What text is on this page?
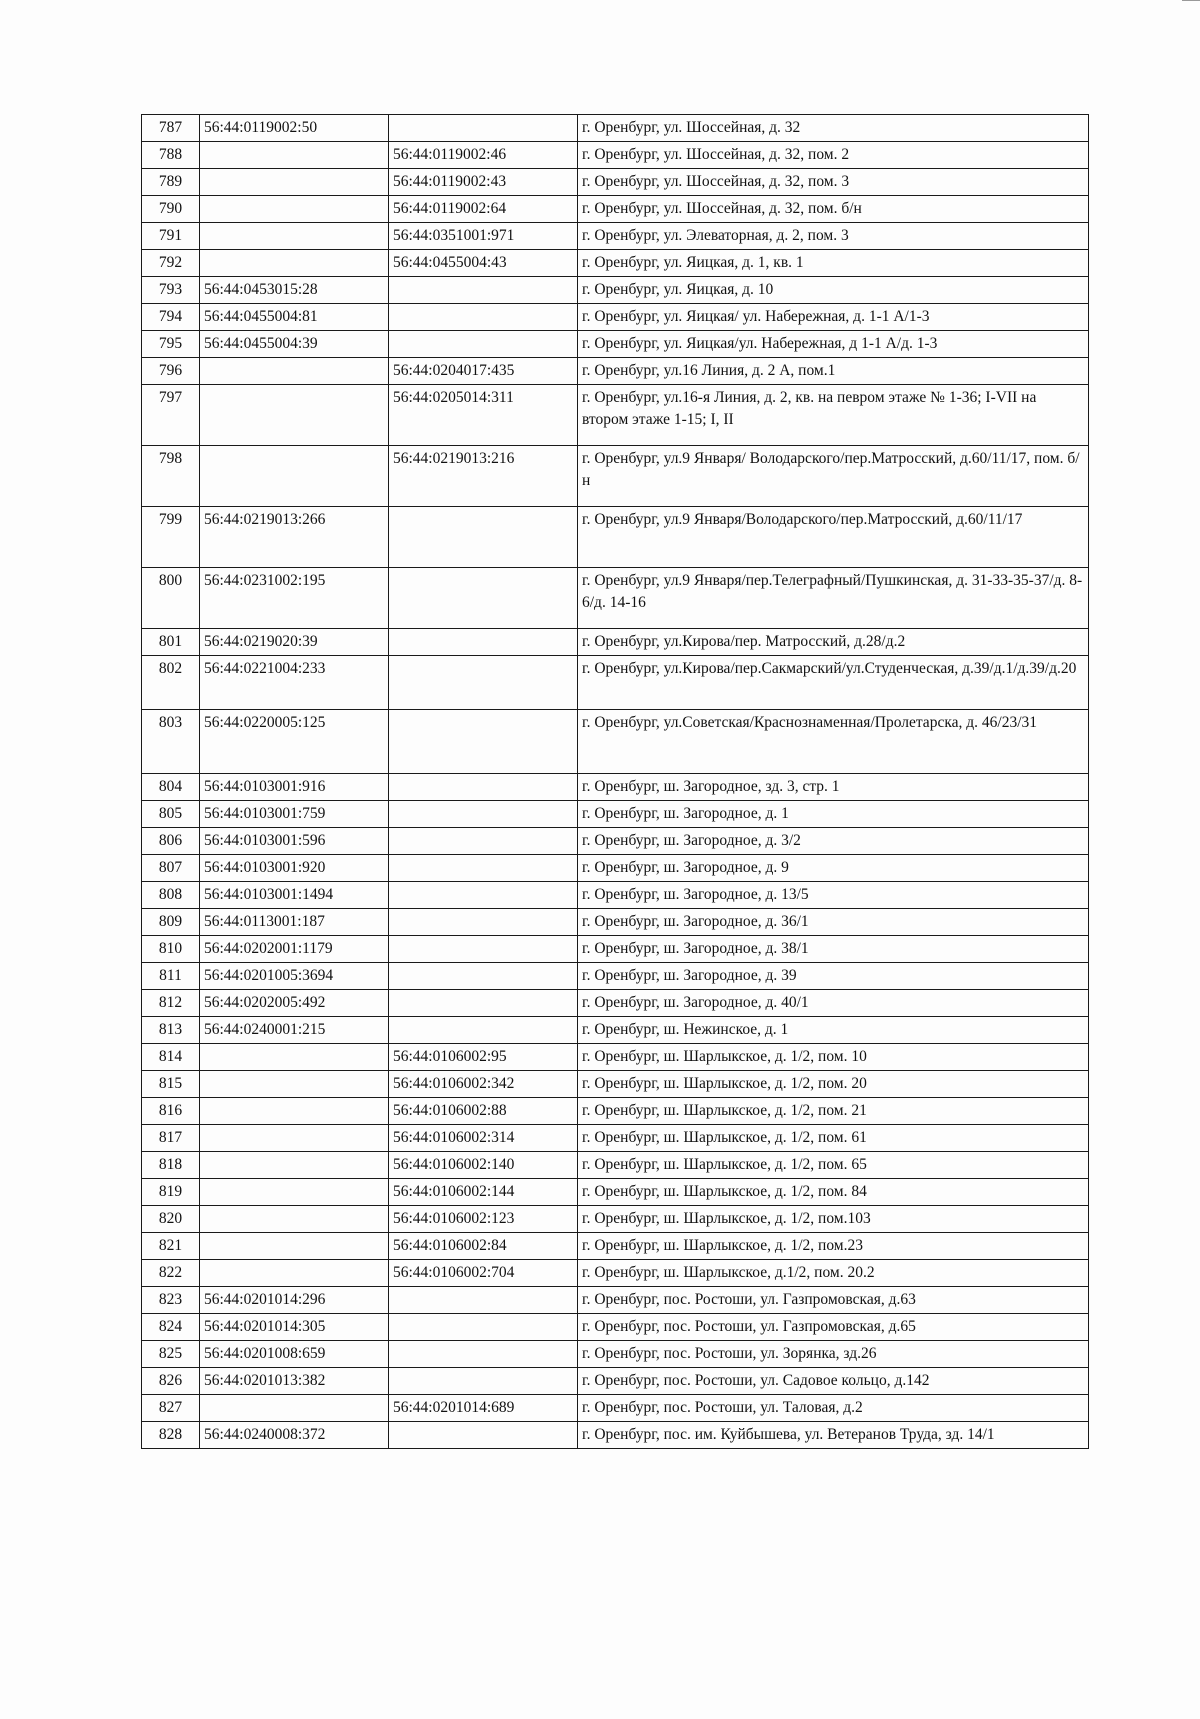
787	56:44:0119002:50		г. Оренбург, ул. Шоссейная, д. 32
788		56:44:0119002:46	г. Оренбург, ул. Шоссейная, д. 32, пом. 2
789		56:44:0119002:43	г. Оренбург, ул. Шоссейная, д. 32, пом. 3
790		56:44:0119002:64	г. Оренбург, ул. Шоссейная, д. 32, пом. б/н
791		56:44:0351001:971	г. Оренбург, ул. Элеваторная, д. 2, пом. 3
792		56:44:0455004:43	г. Оренбург, ул. Яицкая, д. 1, кв. 1
793	56:44:0453015:28		г. Оренбург, ул. Яицкая, д. 10
794	56:44:0455004:81		г. Оренбург, ул. Яицкая/ ул. Набережная, д. 1-1 А/1-3
795	56:44:0455004:39		г. Оренбург, ул. Яицкая/ул. Набережная, д 1-1 А/д. 1-3
796		56:44:0204017:435	г. Оренбург, ул.16 Линия, д. 2 А, пом.1
797		56:44:0205014:311	г. Оренбург, ул.16-я Линия, д. 2, кв. на певром этаже № 1-36; I-VII на втором этаже 1-15; I, II
798		56:44:0219013:216	г. Оренбург, ул.9 Января/ Володарского/пер.Матросский, д.60/11/17, пом. б/н
799	56:44:0219013:266		г. Оренбург, ул.9 Января/Володарского/пер.Матросский, д.60/11/17
800	56:44:0231002:195		г. Оренбург, ул.9 Января/пер.Телеграфный/Пушкинская, д. 31-33-35-37/д. 8-6/д. 14-16
801	56:44:0219020:39		г. Оренбург, ул.Кирова/пер. Матросский, д.28/д.2
802	56:44:0221004:233		г. Оренбург, ул.Кирова/пер.Сакмарский/ул.Студенческая, д.39/д.1/д.39/д.20
803	56:44:0220005:125		г. Оренбург, ул.Советская/Краснознаменная/Пролетарска, д. 46/23/31
804	56:44:0103001:916		г. Оренбург, ш. Загородное, зд. 3, стр. 1
805	56:44:0103001:759		г. Оренбург, ш. Загородное, д. 1
806	56:44:0103001:596		г. Оренбург, ш. Загородное, д. 3/2
807	56:44:0103001:920		г. Оренбург, ш. Загородное, д. 9
808	56:44:0103001:1494		г. Оренбург, ш. Загородное, д. 13/5
809	56:44:0113001:187		г. Оренбург, ш. Загородное, д. 36/1
810	56:44:0202001:1179		г. Оренбург, ш. Загородное, д. 38/1
811	56:44:0201005:3694		г. Оренбург, ш. Загородное, д. 39
812	56:44:0202005:492		г. Оренбург, ш. Загородное, д. 40/1
813	56:44:0240001:215		г. Оренбург, ш. Нежинское, д. 1
814		56:44:0106002:95	г. Оренбург, ш. Шарлыкское, д. 1/2, пом. 10
815		56:44:0106002:342	г. Оренбург, ш. Шарлыкское, д. 1/2, пом. 20
816		56:44:0106002:88	г. Оренбург, ш. Шарлыкское, д. 1/2, пом. 21
817		56:44:0106002:314	г. Оренбург, ш. Шарлыкское, д. 1/2, пом. 61
818		56:44:0106002:140	г. Оренбург, ш. Шарлыкское, д. 1/2, пом. 65
819		56:44:0106002:144	г. Оренбург, ш. Шарлыкское, д. 1/2, пом. 84
820		56:44:0106002:123	г. Оренбург, ш. Шарлыкское, д. 1/2, пом.103
821		56:44:0106002:84	г. Оренбург, ш. Шарлыкское, д. 1/2, пом.23
822		56:44:0106002:704	г. Оренбург, ш. Шарлыкское, д.1/2, пом. 20.2
823	56:44:0201014:296		г. Оренбург, пос. Ростоши, ул. Газпромовская, д.63
824	56:44:0201014:305		г. Оренбург, пос. Ростоши, ул. Газпромовская, д.65
825	56:44:0201008:659		г. Оренбург, пос. Ростоши, ул. Зорянка, зд.26
826	56:44:0201013:382		г. Оренбург, пос. Ростоши, ул. Садовое кольцо, д.142
827		56:44:0201014:689	г. Оренбург, пос. Ростоши, ул. Таловая, д.2
828	56:44:0240008:372		г. Оренбург, пос. им. Куйбышева, ул. Ветеранов Труда, зд. 14/1
